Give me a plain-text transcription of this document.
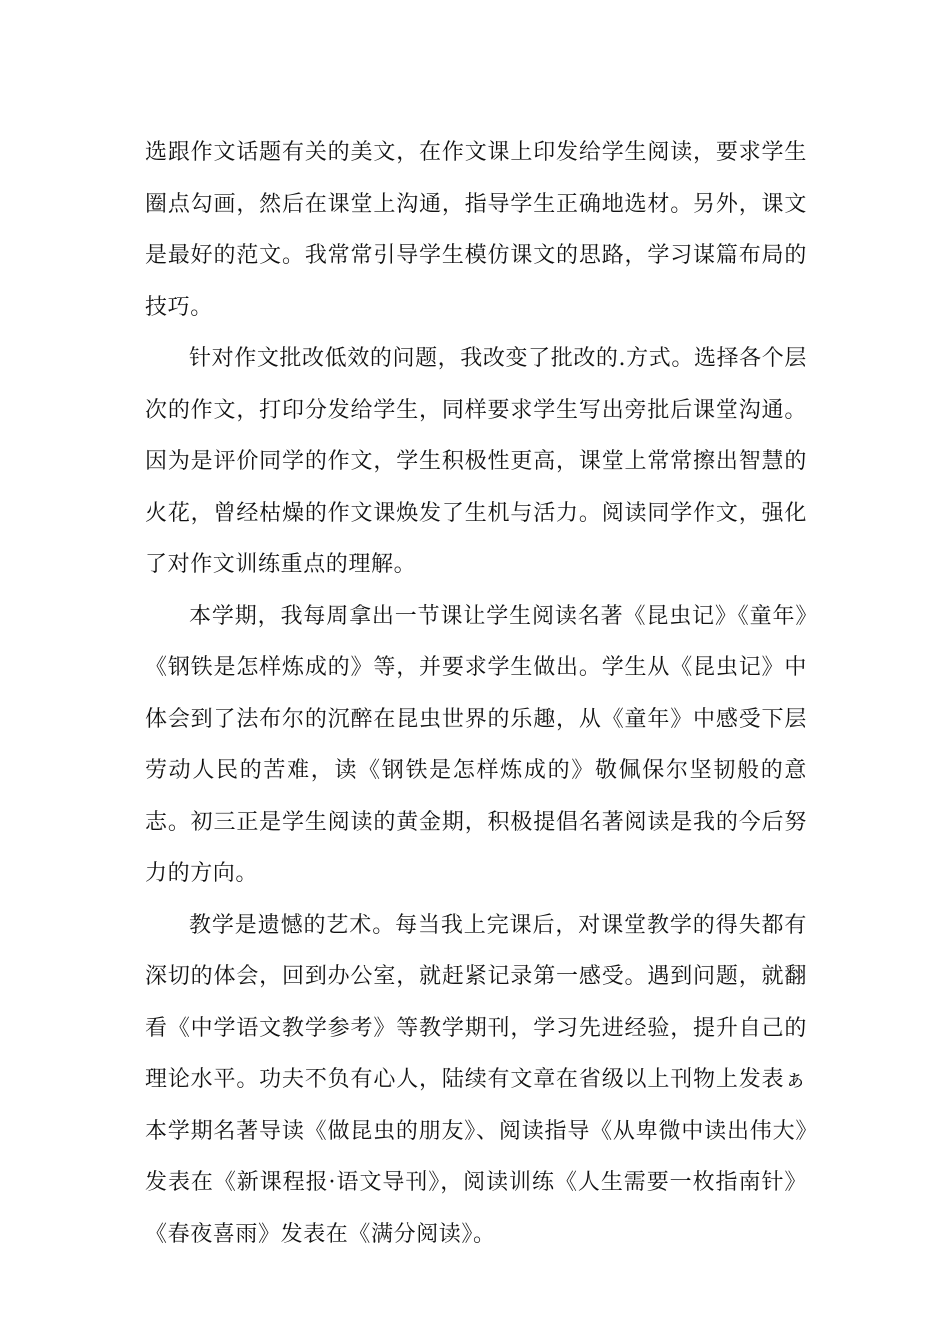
选跟作文话题有关的美文，在作文课上印发给学生阅读，要求学生圈点勾画，然后在课堂上沟通，指导学生正确地选材。另外，课文是最好的范文。我常常引导学生模仿课文的思路，学习谋篇布局的技巧。

针对作文批改低效的问题，我改变了批改的.方式。选择各个层次的作文，打印分发给学生，同样要求学生写出旁批后课堂沟通。因为是评价同学的作文，学生积极性更高，课堂上常常擦出智慧的火花，曾经枯燥的作文课焕发了生机与活力。阅读同学作文，强化了对作文训练重点的理解。

本学期，我每周拿出一节课让学生阅读名著《昆虫记》《童年》《钢铁是怎样炼成的》等，并要求学生做出。学生从《昆虫记》中体会到了法布尔的沉醉在昆虫世界的乐趣，从《童年》中感受下层劳动人民的苦难，读《钢铁是怎样炼成的》敬佩保尔坚韧般的意志。初三正是学生阅读的黄金期，积极提倡名著阅读是我的今后努力的方向。

教学是遗憾的艺术。每当我上完课后，对课堂教学的得失都有深切的体会，回到办公室，就赶紧记录第一感受。遇到问题，就翻看《中学语文教学参考》等教学期刊，学习先进经验，提升自己的理论水平。功夫不负有心人，陆续有文章在省级以上刊物上发表ぁ本学期名著导读《做昆虫的朋友》、阅读指导《从卑微中读出伟大》发表在《新课程报·语文导刊》，阅读训练《人生需要一枚指南针》《春夜喜雨》发表在《满分阅读》。
